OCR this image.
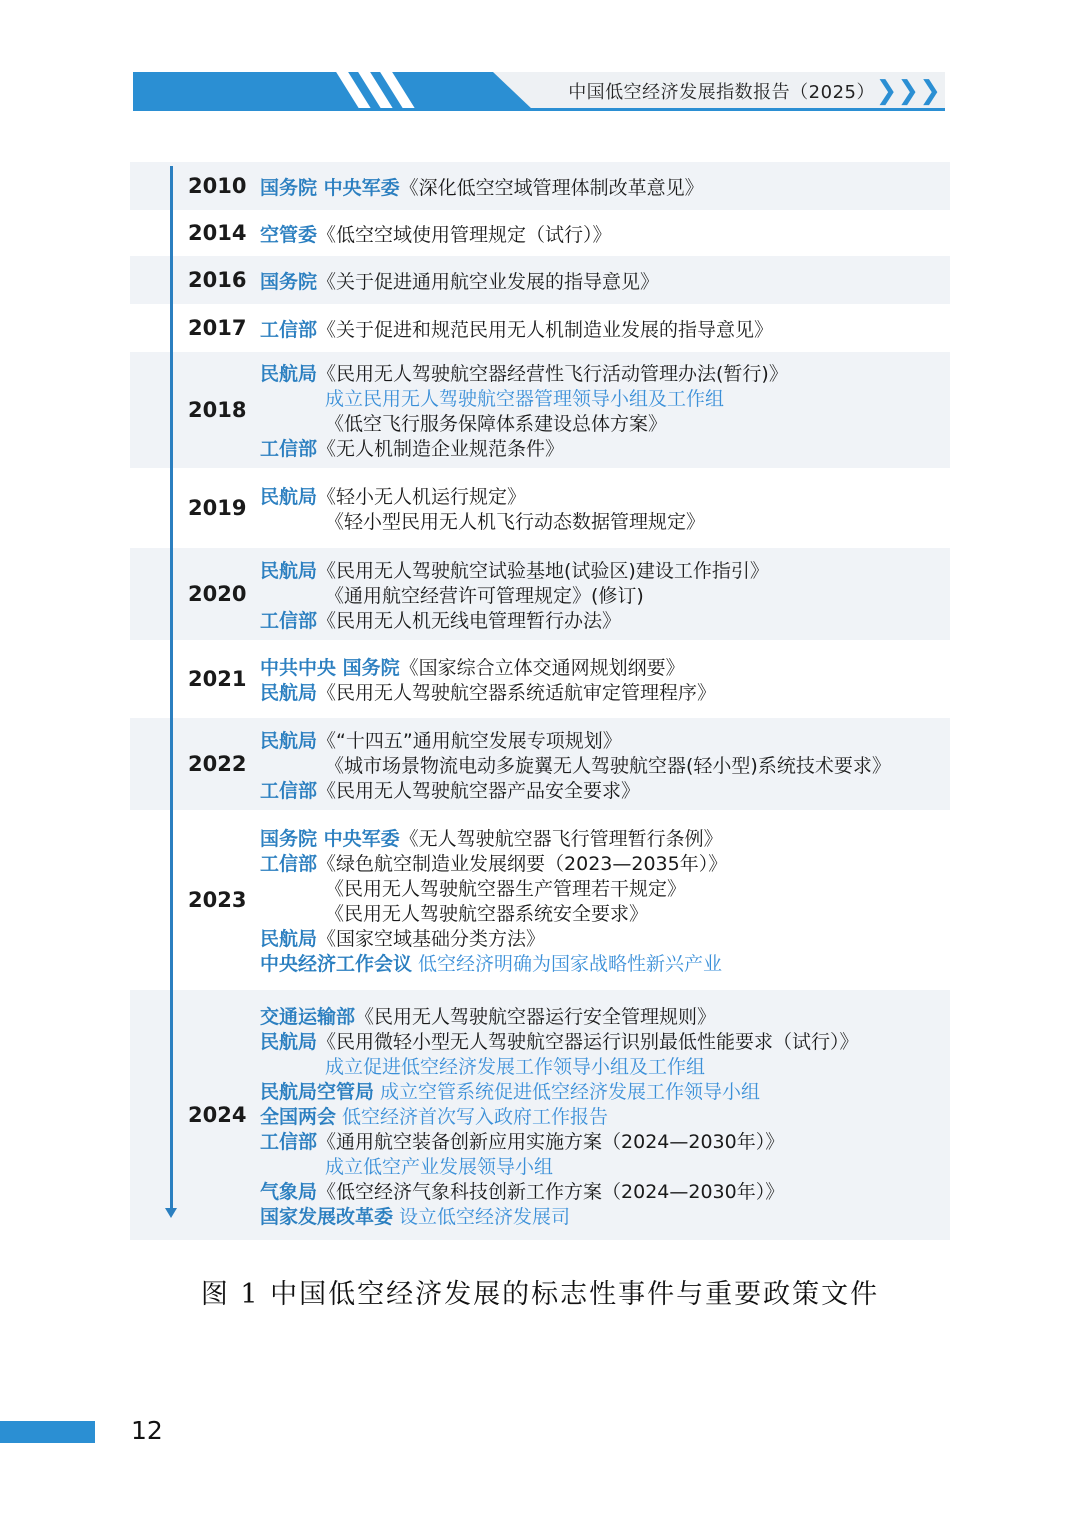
中国低空经济发展指数报告（2025） ❯❯❯
2024
交通运输部《民用无人驾驶航空器运行安全管理规则》
民航局《民用微轻小型无人驾驶航空器运行识别最低性能要求（试行）》
成立促进低空经济发展工作领导小组及工作组
民航局空管局 成立空管系统促进低空经济发展工作领导小组
全国两会 低空经济首次写入政府工作报告
工信部《通用航空装备创新应用实施方案（2024—2030年）》
成立低空产业发展领导小组
气象局《低空经济气象科技创新工作方案（2024—2030年）》
国家发展改革委 设立低空经济发展司
2023
国务院 中央军委《无人驾驶航空器飞行管理暂行条例》
工信部《绿色航空制造业发展纲要（2023—2035年）》
《民用无人驾驶航空器生产管理若干规定》
《民用无人驾驶航空器系统安全要求》
民航局《国家空域基础分类方法》
中央经济工作会议 低空经济明确为国家战略性新兴产业
2022
民航局《“十四五”通用航空发展专项规划》
《城市场景物流电动多旋翼无人驾驶航空器(轻小型)系统技术要求》
工信部《民用无人驾驶航空器产品安全要求》
2021 中共中央 国务院《国家综合立体交通网规划纲要》
民航局《民用无人驾驶航空器系统适航审定管理程序》
2020
民航局《民用无人驾驶航空试验基地(试验区)建设工作指引》
《通用航空经营许可管理规定》(修订)
工信部《民用无人机无线电管理暂行办法》
2019 民航局《轻小无人机运行规定》
《轻小型民用无人机飞行动态数据管理规定》
2018
民航局《民用无人驾驶航空器经营性飞行活动管理办法(暂行)》
成立民用无人驾驶航空器管理领导小组及工作组
《低空飞行服务保障体系建设总体方案》
工信部《无人机制造企业规范条件》
2017 工信部《关于促进和规范民用无人机制造业发展的指导意见》
2016 国务院《关于促进通用航空业发展的指导意见》
2014 空管委《低空空域使用管理规定（试行）》
2010 国务院 中央军委《深化低空空域管理体制改革意见》
图 1 中国低空经济发展的标志性事件与重要政策文件
12
